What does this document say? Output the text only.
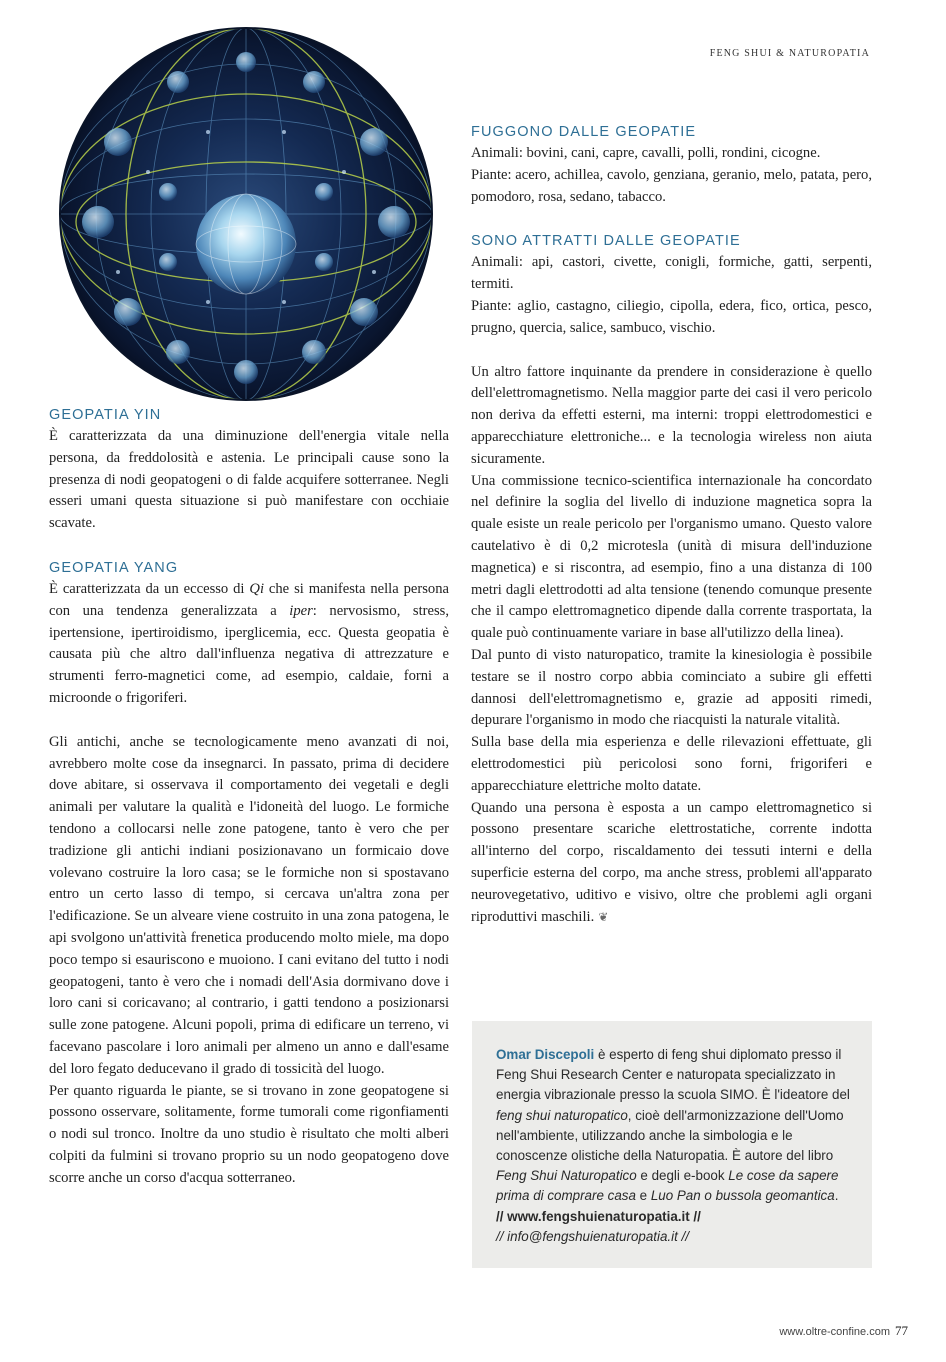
FENG SHUI & NATUROPATIA
GEOPATIA YIN

È caratterizzata da una diminuzione dell'energia vitale nella persona, da freddolosità e astenia. Le principali cause sono la presenza di nodi geopatogeni o di falde acquifere sotterranee. Negli esseri umani questa situazione si può manifestare con occhiaie scavate.

GEOPATIA YANG

È caratterizzata da un eccesso di Qi che si manifesta nella persona con una tendenza generalizzata a iper: nervosismo, stress, ipertensione, ipertiroidismo, iperglicemia, ecc. Questa geopatia è causata più che altro dall'influenza negativa di attrezzature e strumenti ferro-magnetici come, ad esempio, caldaie, forni a microonde o frigoriferi.

Gli antichi, anche se tecnologicamente meno avanzati di noi, avrebbero molte cose da insegnarci. In passato, prima di decidere dove abitare, si osservava il comportamento dei vegetali e degli animali per valutare la qualità e l'idoneità del luogo. Le formiche tendono a collocarsi nelle zone patogene, tanto è vero che per tradizione gli antichi indiani posizionavano un formicaio dove volevano costruire la loro casa; se le formiche non si spostavano entro un certo lasso di tempo, si cercava un'altra zona per l'edificazione. Se un alveare viene costruito in una zona patogena, le api svolgono un'attività frenetica producendo molto miele, ma dopo poco tempo si esauriscono e muoiono. I cani evitano del tutto i nodi geopatogeni, tanto è vero che i nomadi dell'Asia dormivano dove i loro cani si coricavano; al contrario, i gatti tendono a posizionarsi sulle zone patogene. Alcuni popoli, prima di edificare un terreno, vi facevano pascolare i loro animali per almeno un anno e dall'esame del loro fegato deducevano il grado di tossicità del luogo.

Per quanto riguarda le piante, se si trovano in zone geopatogene si possono osservare, solitamente, forme tumorali come rigonfiamenti o nodi sul tronco. Inoltre da uno studio è risultato che molti alberi colpiti da fulmini si trovano proprio su un nodo geopatogeno dove scorre anche un corso d'acqua sotterraneo.

FUGGONO DALLE GEOPATIE

Animali: bovini, cani, capre, cavalli, polli, rondini, cicogne.

Piante: acero, achillea, cavolo, genziana, geranio, melo, patata, pero, pomodoro, rosa, sedano, tabacco.

SONO ATTRATTI DALLE GEOPATIE

Animali: api, castori, civette, conigli, formiche, gatti, serpenti, termiti.

Piante: aglio, castagno, ciliegio, cipolla, edera, fico, ortica, pesco, prugno, quercia, salice, sambuco, vischio.

Un altro fattore inquinante da prendere in considerazione è quello dell'elettromagnetismo. Nella maggior parte dei casi il vero pericolo non deriva da effetti esterni, ma interni: troppi elettrodomestici e apparecchiature elettroniche... e la tecnologia wireless non aiuta sicuramente.

Una commissione tecnico-scientifica internazionale ha concordato nel definire la soglia del livello di induzione magnetica sopra la quale esiste un reale pericolo per l'organismo umano. Questo valore cautelativo è di 0,2 microtesla (unità di misura dell'induzione magnetica) e si riscontra, ad esempio, fino a una distanza di 100 metri dagli elettrodotti ad alta tensione (tenendo comunque presente che il campo elettromagnetico dipende dalla corrente trasportata, la quale può continuamente variare in base all'utilizzo della linea).

Dal punto di visto naturopatico, tramite la kinesiologia è possibile testare se il nostro corpo abbia cominciato a subire gli effetti dannosi dell'elettromagnetismo e, grazie ad appositi rimedi, depurare l'organismo in modo che riacquisti la naturale vitalità.

Sulla base della mia esperienza e delle rilevazioni effettuate, gli elettrodomestici più pericolosi sono forni, frigoriferi e apparecchiature elettriche molto datate.

Quando una persona è esposta a un campo elettromagnetico si possono presentare scariche elettrostatiche, corrente indotta all'interno del corpo, riscaldamento dei tessuti interni e della superficie esterna del corpo, ma anche stress, problemi all'apparato neurovegetativo, uditivo e visivo, oltre che problemi agli organi riproduttivi maschili. ❦

Omar Discepoli è esperto di feng shui diplomato presso il Feng Shui Research Center e naturopata specializzato in energia vibrazionale presso la scuola SIMO. È l'ideatore del feng shui naturopatico, cioè dell'armonizzazione dell'Uomo nell'ambiente, utilizzando anche la simbologia e le conoscenze olistiche della Naturopatia. È autore del libro Feng Shui Naturopatico e degli e-book Le cose da sapere prima di comprare casa e Luo Pan o bussola geomantica.
// www.fengshuienaturopatia.it //
// info@fengshuienaturopatia.it //
www.oltre-confine.com 77
